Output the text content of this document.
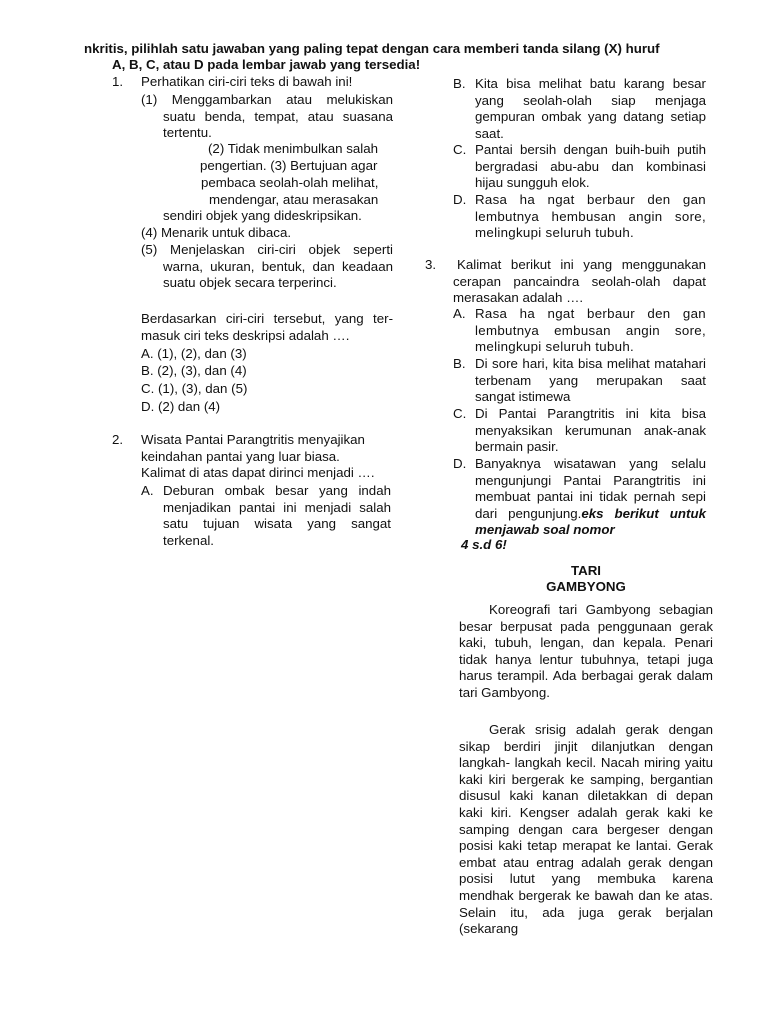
nkritis, pilihlah satu jawaban yang paling tepat dengan cara memberi tanda silang (X) huruf
A, B, C, atau D pada lembar jawab yang tersedia!
1. Perhatikan ciri-ciri teks di bawah ini!
(1) Menggambarkan atau melukiskan suatu benda, tempat, atau suasana tertentu.
(2) Tidak menimbulkan salah
pengertian. (3) Bertujuan agar
pembaca seolah-olah melihat,
mendengar, atau merasakan
sendiri objek yang dideskripsikan.
(4) Menarik untuk dibaca.
(5) Menjelaskan ciri-ciri objek seperti warna, ukuran, bentuk, dan keadaan suatu objek secara terperinci.
Berdasarkan ciri-ciri tersebut, yang ter- masuk ciri teks deskripsi adalah ….
A. (1), (2), dan (3)
B. (2), (3), dan (4)
C. (1), (3), dan (5)
D. (2) dan (4)
2. Wisata Pantai Parangtritis menyajikan keindahan pantai yang luar biasa.
Kalimat di atas dapat dirinci menjadi ….
A. Deburan ombak besar yang indah menjadikan pantai ini menjadi salah satu tujuan wisata yang sangat terkenal.
B. Kita bisa melihat batu karang besar yang seolah-olah siap menjaga gempuran ombak yang datang setiap saat.
C. Pantai bersih dengan buih-buih putih bergradasi abu-abu dan kombinasi hijau sungguh elok.
D. Rasa ha ngat berbaur den gan lembutnya hembusan angin sore, melingkupi seluruh tubuh.
3.	Kalimat berikut ini yang menggunakan cerapan pancaindra seolah-olah dapat merasakan adalah ….
A. Rasa ha ngat berbaur den gan lembutnya embusan angin sore, melingkupi seluruh tubuh.
B. Di sore hari, kita bisa melihat matahari terbenam yang merupakan saat sangat istimewa
C. Di Pantai Parangtritis ini kita bisa menyaksikan kerumunan anak-anak bermain pasir.
D. Banyaknya wisatawan yang selalu mengunjungi Pantai Parangtritis ini membuat pantai ini tidak pernah sepi dari pengunjung.eks berikut untuk menjawab soal nomor
4 s.d 6!
TARI
GAMBYONG
Koreografi tari Gambyong sebagian besar berpusat pada penggunaan gerak kaki, tubuh, lengan, dan kepala. Penari tidak hanya lentur tubuhnya, tetapi juga harus terampil. Ada berbagai gerak dalam tari Gambyong.
Gerak srisig adalah gerak dengan sikap berdiri jinjit dilanjutkan dengan langkah- langkah kecil. Nacah miring yaitu kaki kiri bergerak ke samping, bergantian disusul kaki kanan diletakkan di depan kaki kiri. Kengser adalah gerak kaki ke samping dengan cara bergeser dengan posisi kaki tetap merapat ke lantai. Gerak embat atau entrag adalah gerak dengan posisi lutut yang membuka karena mendhak bergerak ke bawah dan ke atas. Selain itu, ada juga gerak berjalan (sekarang
